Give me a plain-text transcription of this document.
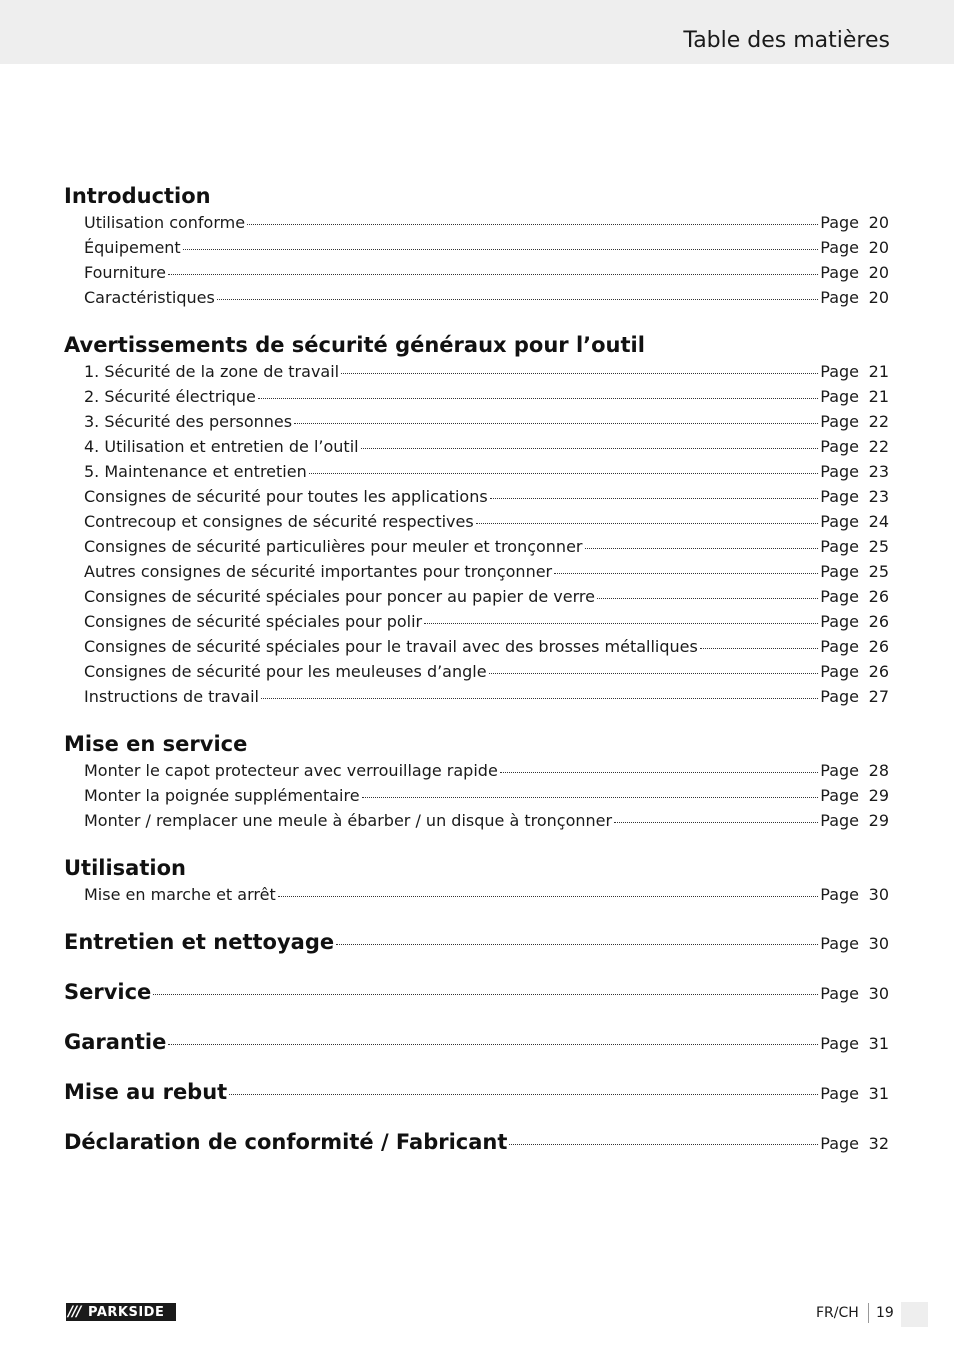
Table des matières
Introduction
Utilisation conforme	Page 20
Équipement	Page 20
Fourniture	Page 20
Caractéristiques	Page 20
Avertissements de sécurité généraux pour l’outil
1. Sécurité de la zone de travail	Page 21
2. Sécurité électrique	Page 21
3. Sécurité des personnes	Page 22
4. Utilisation et entretien de l’outil	Page 22
5. Maintenance et entretien	Page 23
Consignes de sécurité pour toutes les applications	Page 23
Contrecoup et consignes de sécurité respectives	Page 24
Consignes de sécurité particulières pour meuler et tronçonner	Page 25
Autres consignes de sécurité importantes pour tronçonner	Page 25
Consignes de sécurité spéciales pour poncer au papier de verre	Page 26
Consignes de sécurité spéciales pour polir	Page 26
Consignes de sécurité spéciales pour le travail avec des brosses métalliques	Page 26
Consignes de sécurité pour les meuleuses d’angle	Page 26
Instructions de travail	Page 27
Mise en service
Monter le capot protecteur avec verrouillage rapide	Page 28
Monter la poignée supplémentaire	Page 29
Monter / remplacer une meule à ébarber / un disque à tronçonner	Page 29
Utilisation
Mise en marche et arrêt	Page 30
Entretien et nettoyage	Page 30
Service	Page 30
Garantie	Page 31
Mise au rebut	Page 31
Déclaration de conformité / Fabricant	Page 32
/// PARKSIDE	FR/CH 19
